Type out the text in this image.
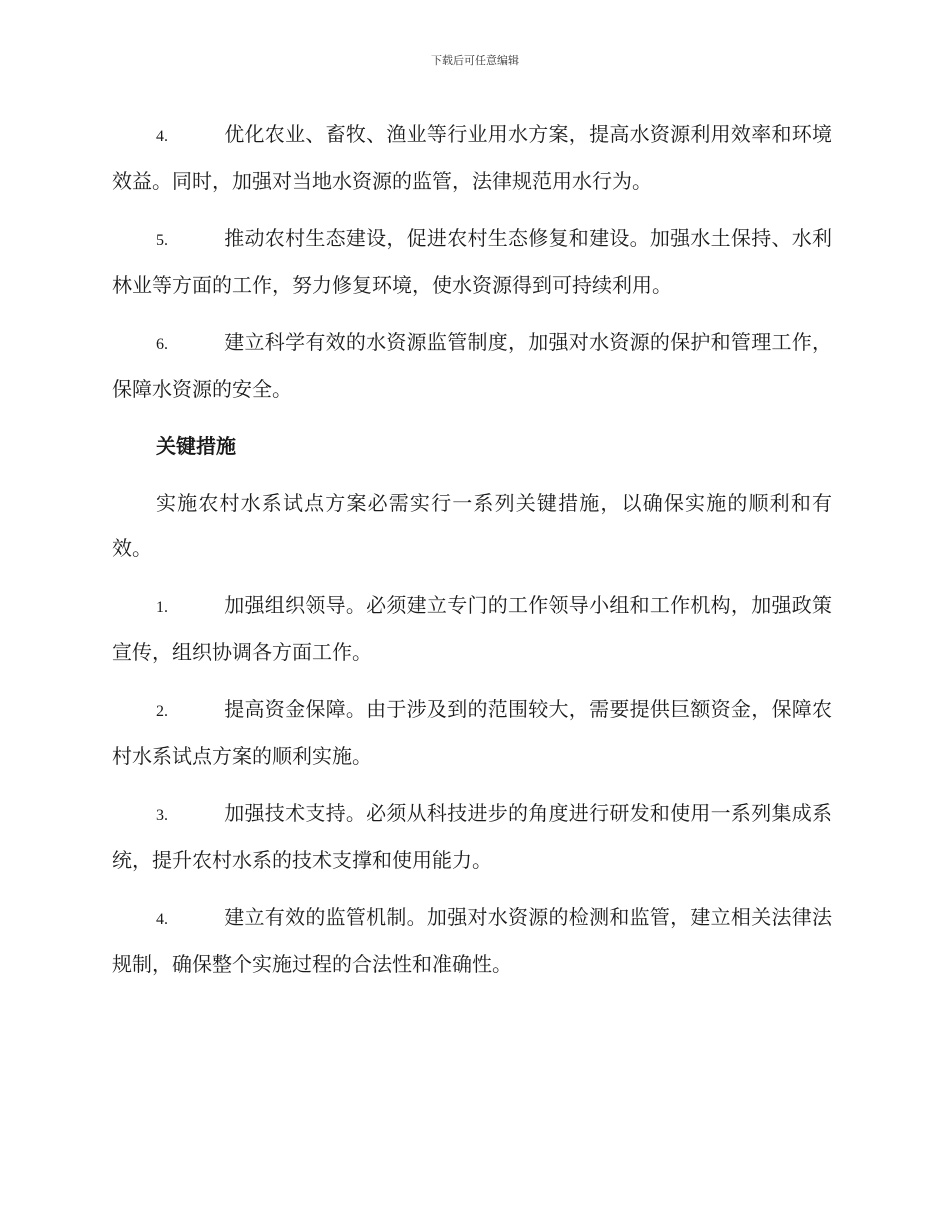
下载后可任意编辑

4.	优化农业、畜牧、渔业等行业用水方案，提高水资源利用效率和环境效益。同时，加强对当地水资源的监管，法律规范用水行为。

5.	推动农村生态建设，促进农村生态修复和建设。加强水土保持、水利林业等方面的工作，努力修复环境，使水资源得到可持续利用。

6.	建立科学有效的水资源监管制度，加强对水资源的保护和管理工作，保障水资源的安全。

关键措施

实施农村水系试点方案必需实行一系列关键措施，以确保实施的顺利和有效。

1.	加强组织领导。必须建立专门的工作领导小组和工作机构，加强政策宣传，组织协调各方面工作。

2.	提高资金保障。由于涉及到的范围较大，需要提供巨额资金，保障农村水系试点方案的顺利实施。

3.	加强技术支持。必须从科技进步的角度进行研发和使用一系列集成系统，提升农村水系的技术支撑和使用能力。

4.	建立有效的监管机制。加强对水资源的检测和监管，建立相关法律法规制，确保整个实施过程的合法性和准确性。
